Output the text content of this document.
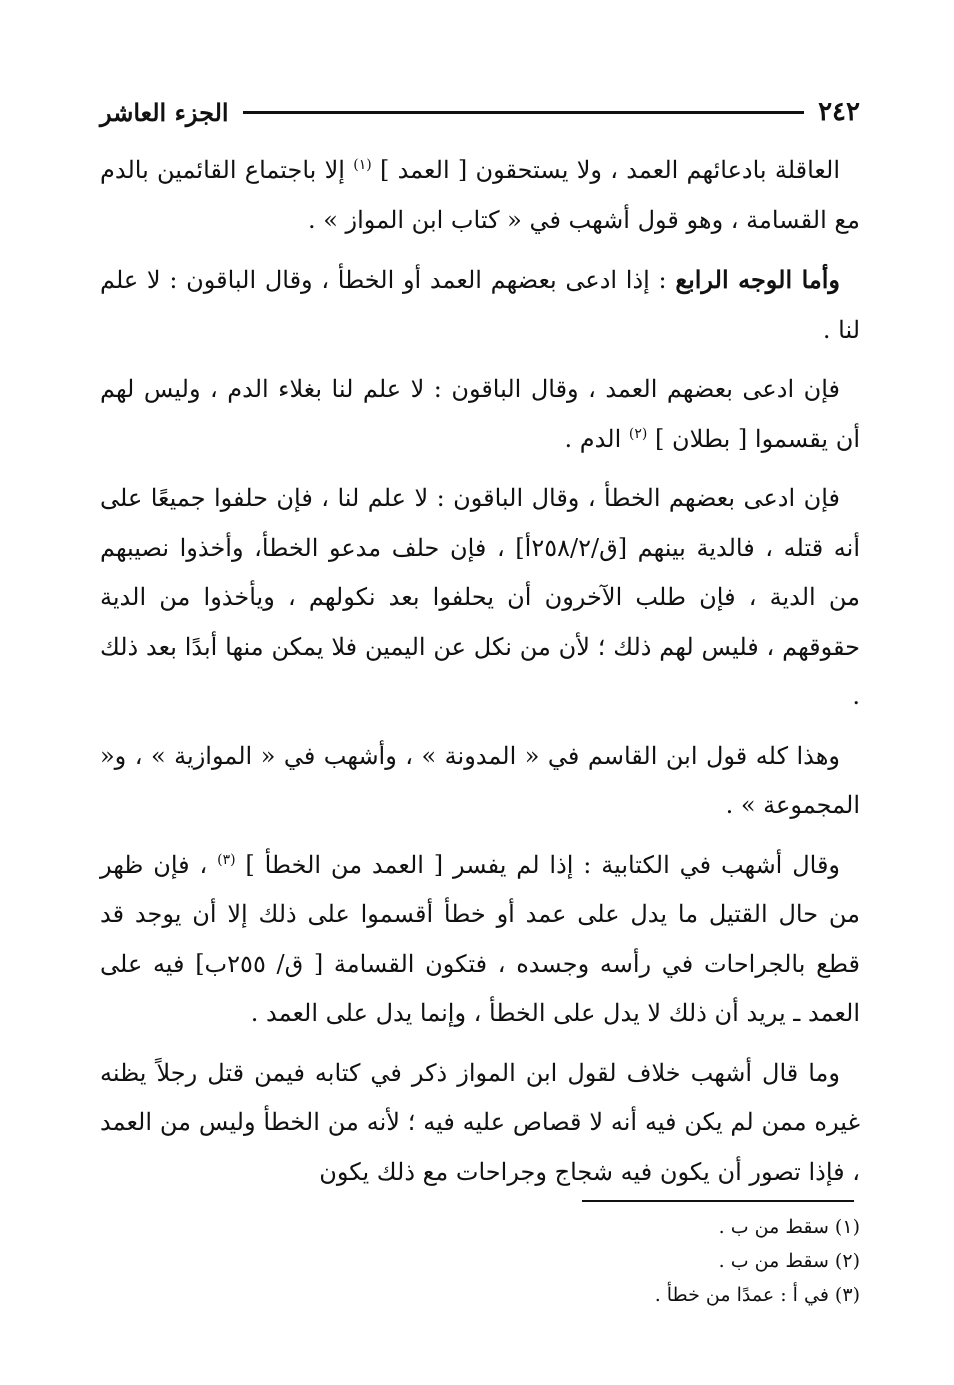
٢٤٢
الجزء العاشر

العاقلة بادعائهم العمد ، ولا يستحقون [ العمد ] $^{(١)}$ إلا باجتماع القائمين بالدم مع القسامة ، وهو قول أشهب في « كتاب ابن المواز » .

وأما الوجه الرابع : إذا ادعى بعضهم العمد أو الخطأ ، وقال الباقون : لا علم لنا .

فإن ادعى بعضهم العمد ، وقال الباقون : لا علم لنا بغلاء الدم ، وليس لهم أن يقسموا [ بطلان ] $^{(٢)}$ الدم .

فإن ادعى بعضهم الخطأ ، وقال الباقون : لا علم لنا ، فإن حلفوا جميعًا على أنه قتله ، فالدية بينهم [ق/٢٥٨/٢أ] ، فإن حلف مدعو الخطأ، وأخذوا نصيبهم من الدية ، فإن طلب الآخرون أن يحلفوا بعد نكولهم ، ويأخذوا من الدية حقوقهم ، فليس لهم ذلك ؛ لأن من نكل عن اليمين فلا يمكن منها أبدًا بعد ذلك .

وهذا كله قول ابن القاسم في « المدونة » ، وأشهب في « الموازية » ، و« المجموعة » .

وقال أشهب في الكتابية : إذا لم يفسر [ العمد من الخطأ ] $^{(٣)}$ ، فإن ظهر من حال القتيل ما يدل على عمد أو خطأ أقسموا على ذلك إلا أن يوجد قد قطع بالجراحات في رأسه وجسده ، فتكون القسامة [ ق/ ٢٥٥ب] فيه على العمد ـ يريد أن ذلك لا يدل على الخطأ ، وإنما يدل على العمد .

وما قال أشهب خلاف لقول ابن المواز ذكر في كتابه فيمن قتل رجلاً يظنه غيره ممن لم يكن فيه أنه لا قصاص عليه فيه ؛ لأنه من الخطأ وليس من العمد ، فإذا تصور أن يكون فيه شجاج وجراحات مع ذلك يكون

(١) سقط من ب .

(٢) سقط من ب .

(٣) في أ : عمدًا من خطأ .
